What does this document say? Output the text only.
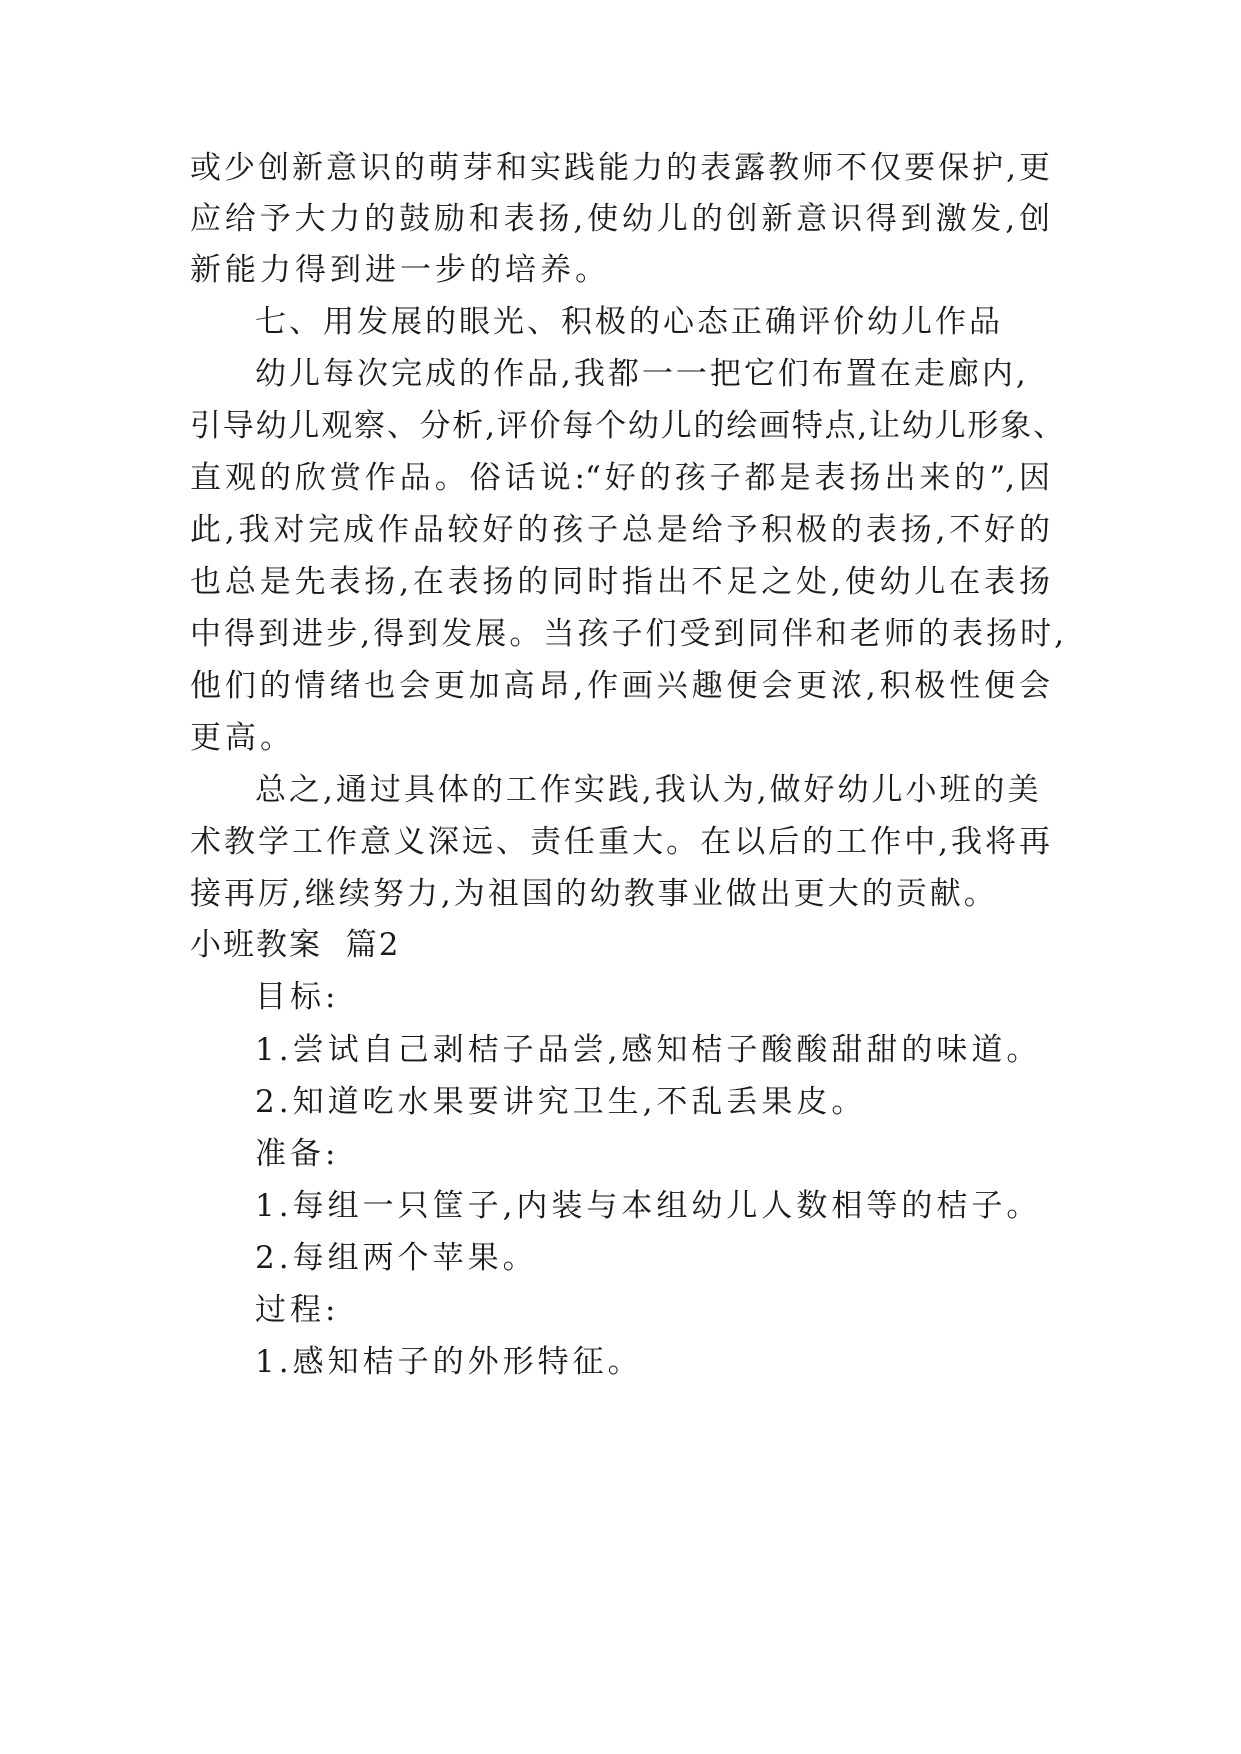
或少创新意识的萌芽和实践能力的表露教师不仅要保护,更
应给予大力的鼓励和表扬,使幼儿的创新意识得到激发,创
新能力得到进一步的培养。
七、用发展的眼光、积极的心态正确评价幼儿作品
幼儿每次完成的作品,我都一一把它们布置在走廊内,
引导幼儿观察、分析,评价每个幼儿的绘画特点,让幼儿形象、
直观的欣赏作品。俗话说:“好的孩子都是表扬出来的”,因
此,我对完成作品较好的孩子总是给予积极的表扬,不好的
也总是先表扬,在表扬的同时指出不足之处,使幼儿在表扬
中得到进步,得到发展。当孩子们受到同伴和老师的表扬时,
他们的情绪也会更加高昂,作画兴趣便会更浓,积极性便会
更高。
总之,通过具体的工作实践,我认为,做好幼儿小班的美
术教学工作意义深远、责任重大。在以后的工作中,我将再
接再厉,继续努力,为祖国的幼教事业做出更大的贡献。
小班教案  篇2
目标:
1.尝试自己剥桔子品尝,感知桔子酸酸甜甜的味道。
2.知道吃水果要讲究卫生,不乱丢果皮。
准备:
1.每组一只筐子,内装与本组幼儿人数相等的桔子。
2.每组两个苹果。
过程:
1.感知桔子的外形特征。
